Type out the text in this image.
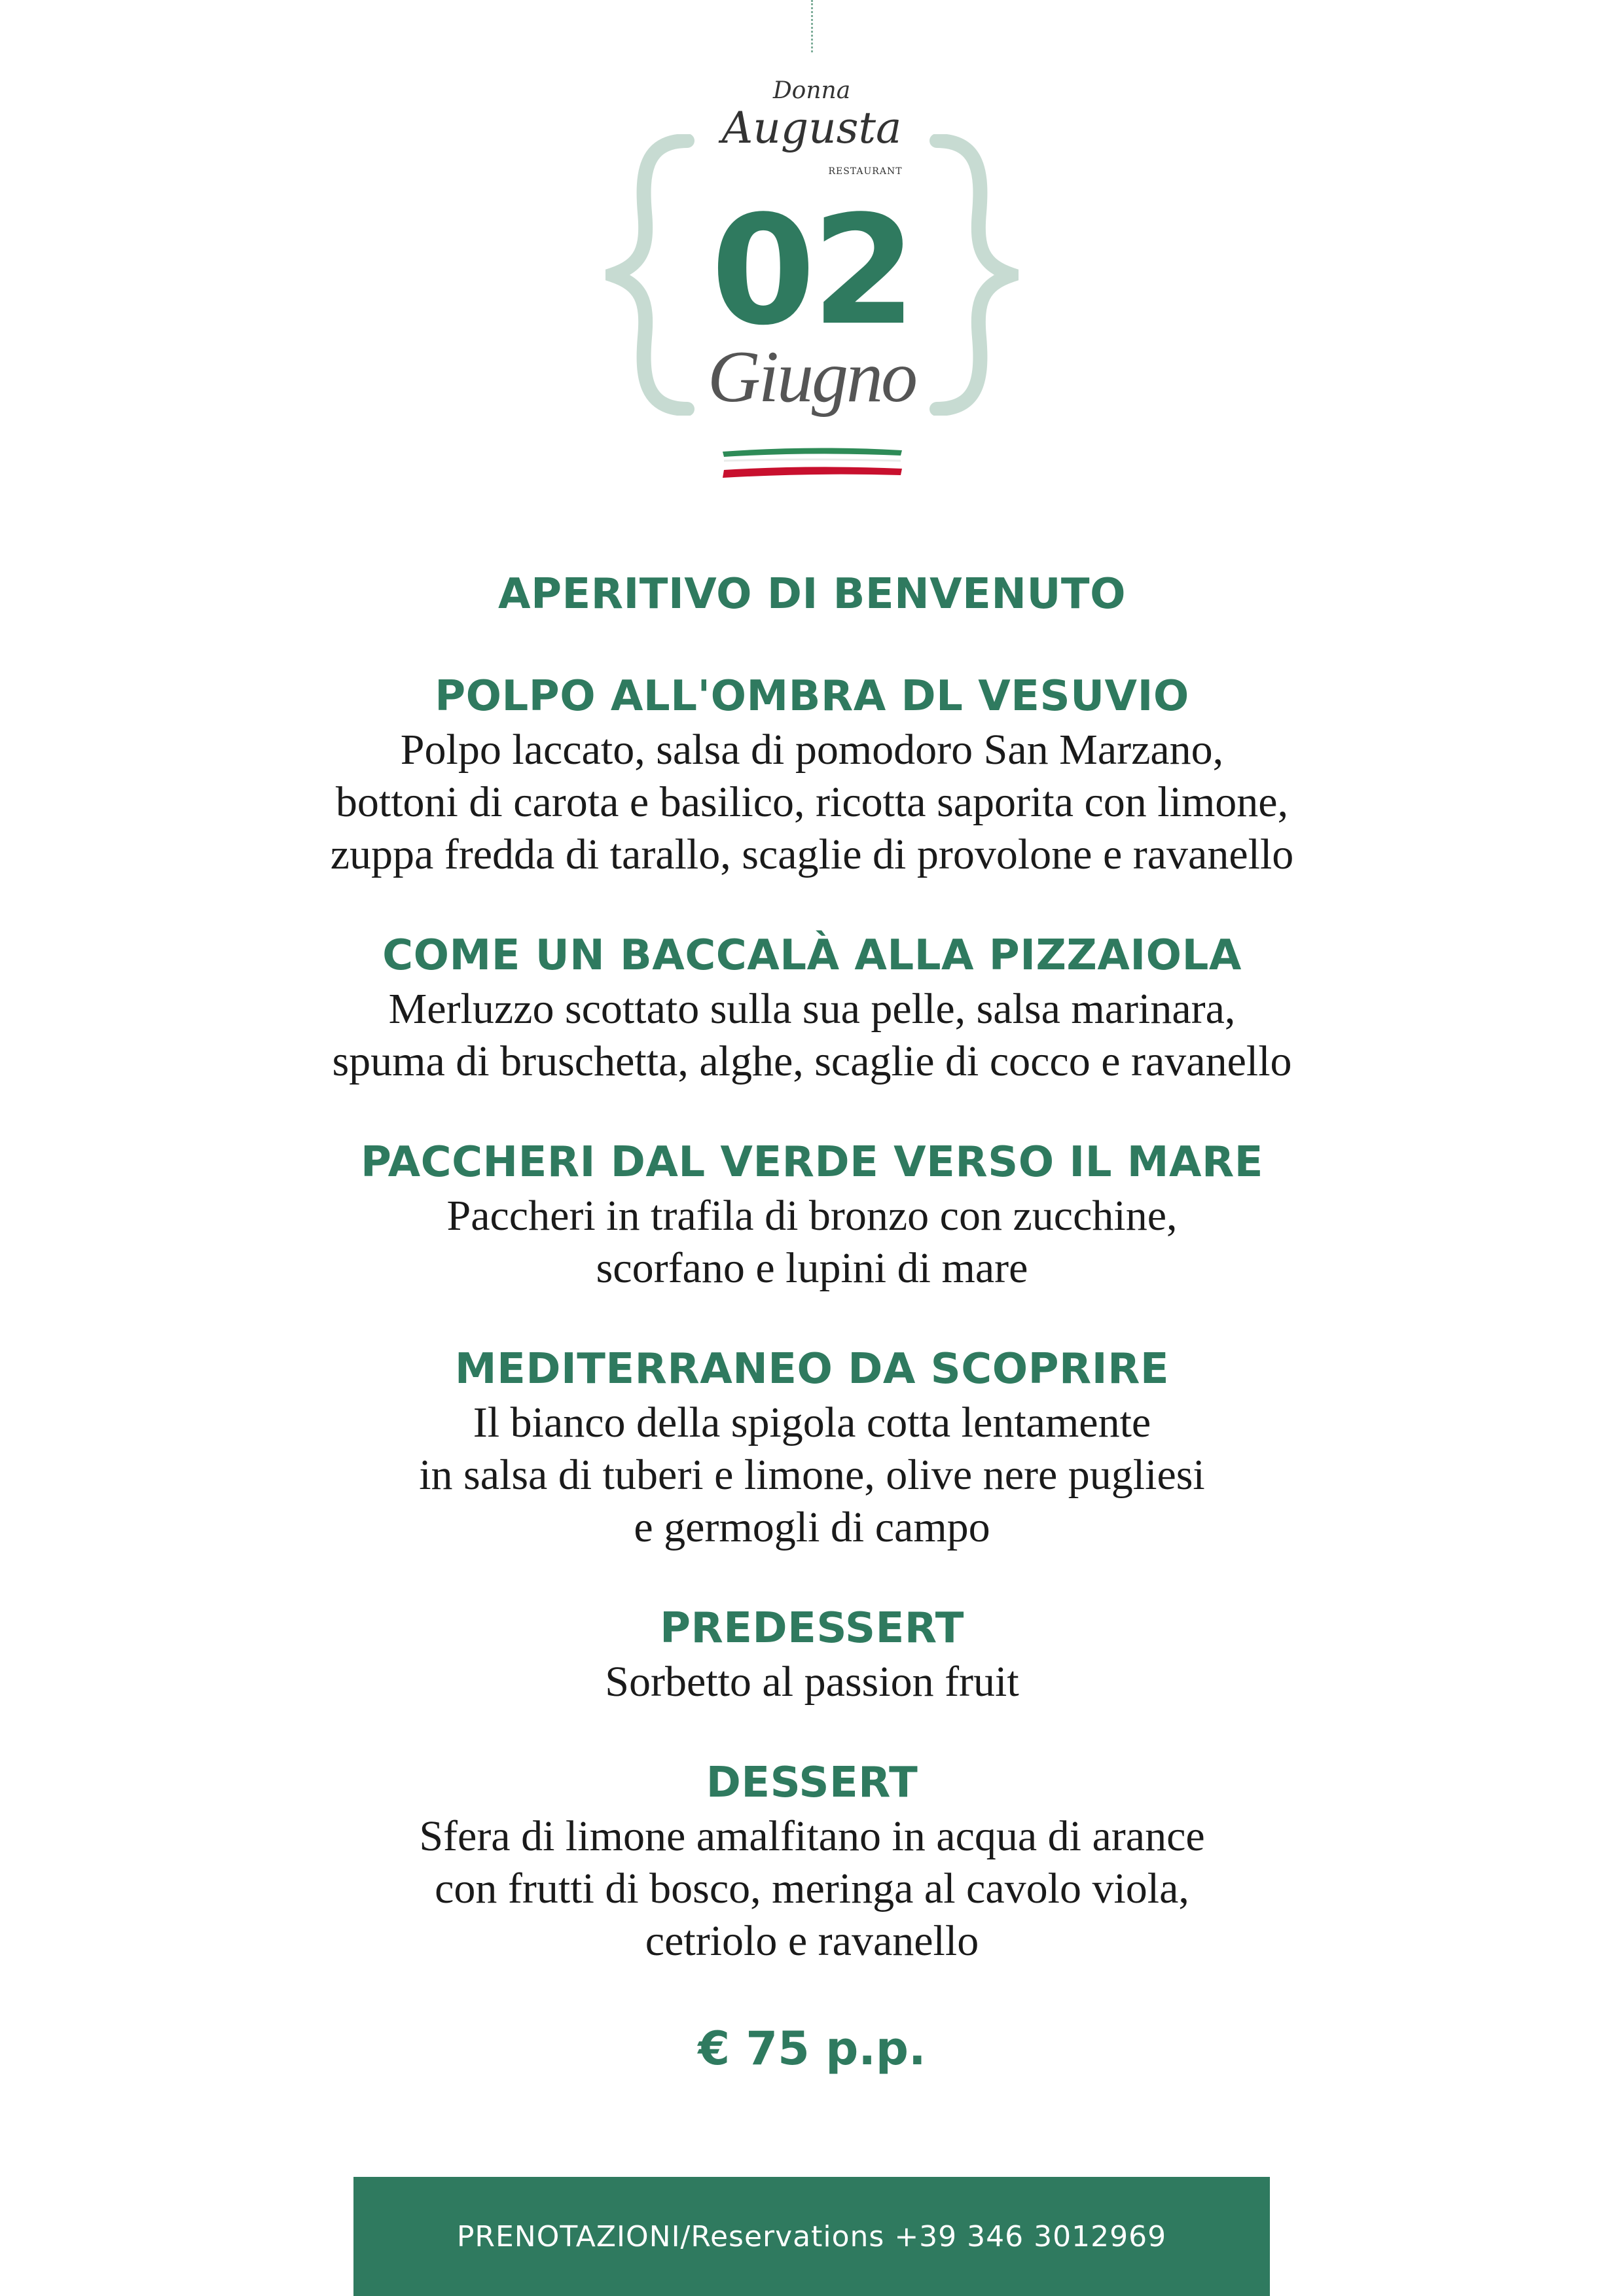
Donna
Augusta
RESTAURANT
02
Giugno
APERITIVO DI BENVENUTO
POLPO ALL'OMBRA DL VESUVIO
Polpo laccato, salsa di pomodoro San Marzano,
bottoni di carota e basilico, ricotta saporita con limone,
zuppa fredda di tarallo, scaglie di provolone e ravanello
COME UN BACCALÀ ALLA PIZZAIOLA
Merluzzo scottato sulla sua pelle, salsa marinara,
spuma di bruschetta, alghe, scaglie di cocco e ravanello
PACCHERI DAL VERDE VERSO IL MARE
Paccheri in trafila di bronzo con zucchine,
scorfano e lupini di mare
MEDITERRANEO DA SCOPRIRE
Il bianco della spigola cotta lentamente
in salsa di tuberi e limone, olive nere pugliesi
e germogli di campo
PREDESSERT
Sorbetto al passion fruit
DESSERT
Sfera di limone amalfitano in acqua di arance
con frutti di bosco, meringa al cavolo viola,
cetriolo e ravanello
€ 75 p.p.
PRENOTAZIONI/Reservations +39 346 3012969
